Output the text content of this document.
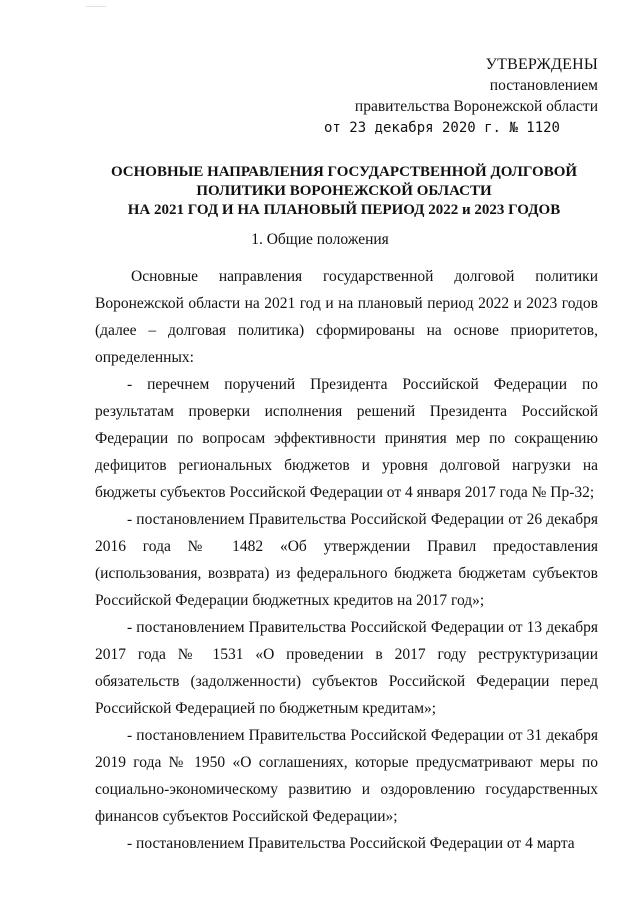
УТВЕРЖДЕНЫ
постановлением
правительства Воронежской области
от 23 декабря 2020 г. № 1120
ОСНОВНЫЕ НАПРАВЛЕНИЯ ГОСУДАРСТВЕННОЙ ДОЛГОВОЙ
ПОЛИТИКИ ВОРОНЕЖСКОЙ ОБЛАСТИ
НА 2021 ГОД И НА ПЛАНОВЫЙ ПЕРИОД 2022 и 2023 ГОДОВ
1. Общие положения

Основные направления государственной долговой политики Воронежской области на 2021 год и на плановый период 2022 и 2023 годов (далее – долговая политика) сформированы на основе приоритетов, определенных:

- перечнем поручений Президента Российской Федерации по результатам проверки исполнения решений Президента Российской Федерации по вопросам эффективности принятия мер по сокращению дефицитов региональных бюджетов и уровня долговой нагрузки на бюджеты субъектов Российской Федерации от 4 января 2017 года № Пр-32;

- постановлением Правительства Российской Федерации от 26 декабря 2016 года № 1482 «Об утверждении Правил предоставления (использования, возврата) из федерального бюджета бюджетам субъектов Российской Федерации бюджетных кредитов на 2017 год»;

- постановлением Правительства Российской Федерации от 13 декабря 2017 года № 1531 «О проведении в 2017 году реструктуризации обязательств (задолженности) субъектов Российской Федерации перед Российской Федерацией по бюджетным кредитам»;

- постановлением Правительства Российской Федерации от 31 декабря 2019 года № 1950 «О соглашениях, которые предусматривают меры по социально-экономическому развитию и оздоровлению государственных финансов субъектов Российской Федерации»;

- постановлением Правительства Российской Федерации от 4 марта
